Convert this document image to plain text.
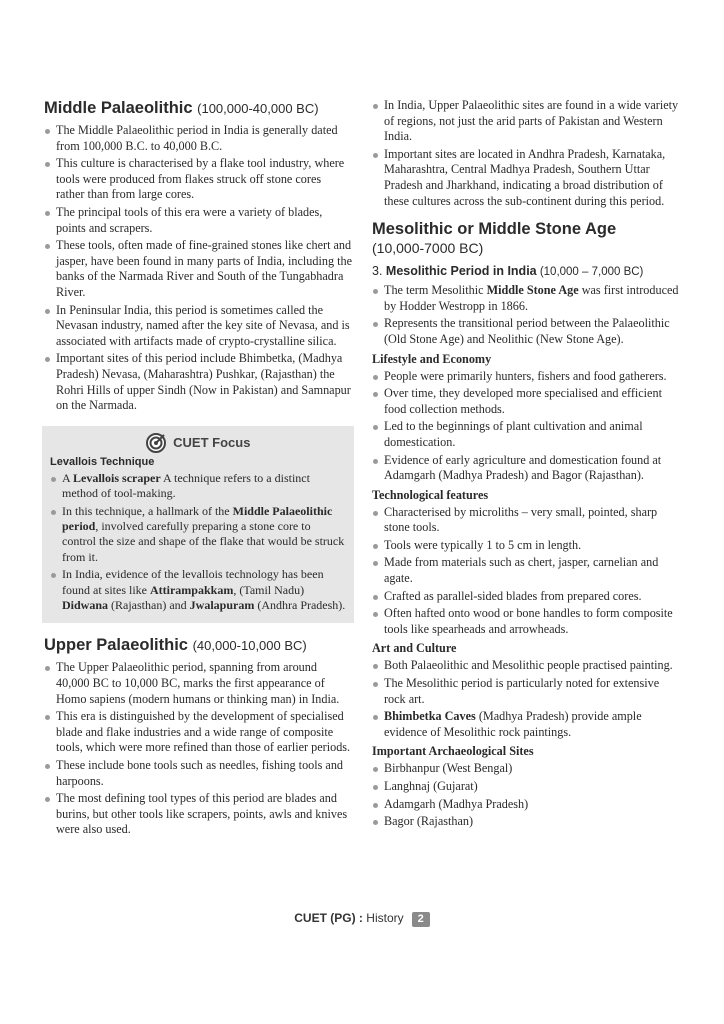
Middle Palaeolithic (100,000-40,000 BC)
The Middle Palaeolithic period in India is generally dated from 100,000 B.C. to 40,000 B.C.
This culture is characterised by a flake tool industry, where tools were produced from flakes struck off stone cores rather than from large cores.
The principal tools of this era were a variety of blades, points and scrapers.
These tools, often made of fine-grained stones like chert and jasper, have been found in many parts of India, including the banks of the Narmada River and South of the Tungabhadra River.
In Peninsular India, this period is sometimes called the Nevasan industry, named after the key site of Nevasa, and is associated with artifacts made of crypto-crystalline silica.
Important sites of this period include Bhimbetka, (Madhya Pradesh) Nevasa, (Maharashtra) Pushkar, (Rajasthan) the Rohri Hills of upper Sindh (Now in Pakistan) and Samnapur on the Narmada.
CUET Focus
Levallois Technique
A Levallois scraper A technique refers to a distinct method of tool-making.
In this technique, a hallmark of the Middle Palaeolithic period, involved carefully preparing a stone core to control the size and shape of the flake that would be struck from it.
In India, evidence of the levallois technology has been found at sites like Attirampakkam, (Tamil Nadu) Didwana (Rajasthan) and Jwalapuram (Andhra Pradesh).
Upper Palaeolithic (40,000-10,000 BC)
The Upper Palaeolithic period, spanning from around 40,000 BC to 10,000 BC, marks the first appearance of Homo sapiens (modern humans or thinking man) in India.
This era is distinguished by the development of specialised blade and flake industries and a wide range of composite tools, which were more refined than those of earlier periods.
These include bone tools such as needles, fishing tools and harpoons.
The most defining tool types of this period are blades and burins, but other tools like scrapers, points, awls and knives were also used.
In India, Upper Palaeolithic sites are found in a wide variety of regions, not just the arid parts of Pakistan and Western India.
Important sites are located in Andhra Pradesh, Karnataka, Maharashtra, Central Madhya Pradesh, Southern Uttar Pradesh and Jharkhand, indicating a broad distribution of these cultures across the sub-continent during this period.
Mesolithic or Middle Stone Age
(10,000-7000 BC)
3. Mesolithic Period in India (10,000 – 7,000 BC)
The term Mesolithic Middle Stone Age was first introduced by Hodder Westropp in 1866.
Represents the transitional period between the Palaeolithic (Old Stone Age) and Neolithic (New Stone Age).
Lifestyle and Economy
People were primarily hunters, fishers and food gatherers.
Over time, they developed more specialised and efficient food collection methods.
Led to the beginnings of plant cultivation and animal domestication.
Evidence of early agriculture and domestication found at Adamgarh (Madhya Pradesh) and Bagor (Rajasthan).
Technological features
Characterised by microliths – very small, pointed, sharp stone tools.
Tools were typically 1 to 5 cm in length.
Made from materials such as chert, jasper, carnelian and agate.
Crafted as parallel-sided blades from prepared cores.
Often hafted onto wood or bone handles to form composite tools like spearheads and arrowheads.
Art and Culture
Both Palaeolithic and Mesolithic people practised painting.
The Mesolithic period is particularly noted for extensive rock art.
Bhimbetka Caves (Madhya Pradesh) provide ample evidence of Mesolithic rock paintings.
Important Archaeological Sites
Birbhanpur (West Bengal)
Langhnaj (Gujarat)
Adamgarh (Madhya Pradesh)
Bagor (Rajasthan)
CUET (PG) : History 2
